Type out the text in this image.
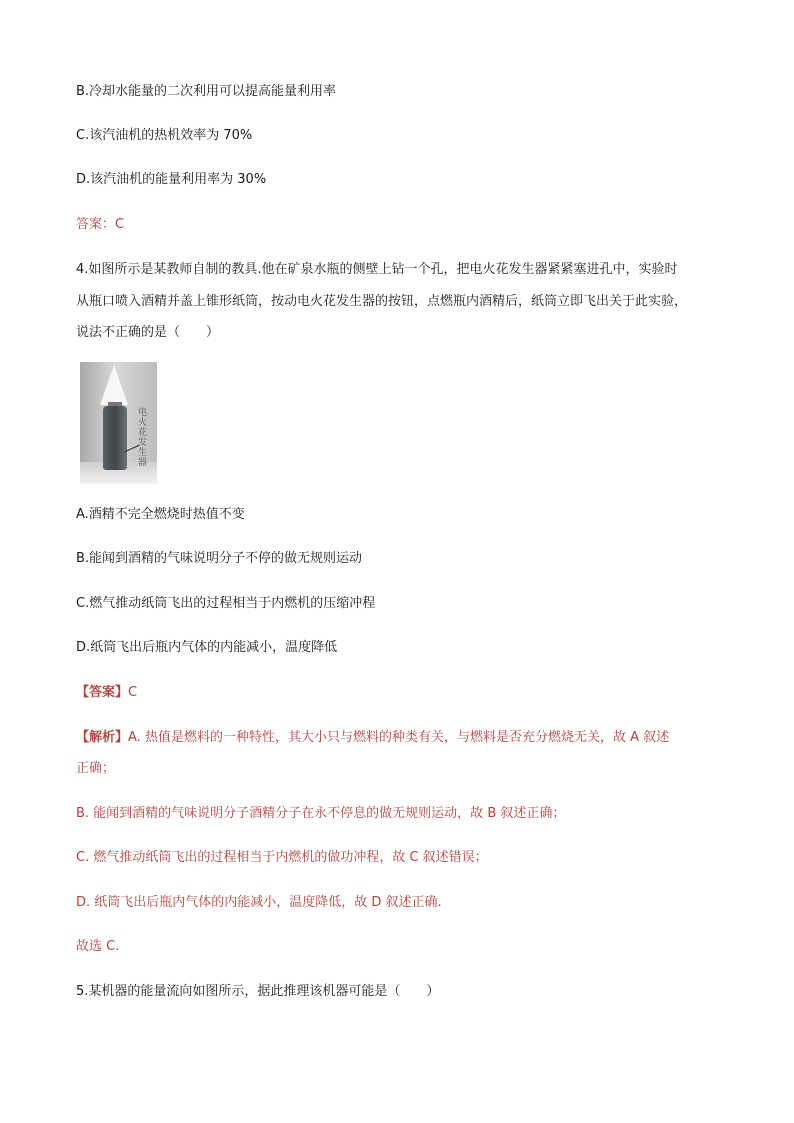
B.冷却水能量的二次利用可以提高能量利用率
C.该汽油机的热机效率为 70%
D.该汽油机的能量利用率为 30%
答案：C
4.如图所示是某教师自制的教具.他在矿泉水瓶的侧壁上钻一个孔，把电火花发生器紧紧塞进孔中，实验时
从瓶口喷入酒精并盖上锥形纸筒，按动电火花发生器的按钮，点燃瓶内酒精后，纸筒立即飞出关于此实验，
说法不正确的是（　　）
电火花发生器
A.酒精不完全燃烧时热值不变
B.能闻到酒精的气味说明分子不停的做无规则运动
C.燃气推动纸筒飞出的过程相当于内燃机的压缩冲程
D.纸筒飞出后瓶内气体的内能减小，温度降低
【答案】C
【解析】A. 热值是燃料的一种特性，其大小只与燃料的种类有关，与燃料是否充分燃烧无关，故 A 叙述
正确；
B. 能闻到酒精的气味说明分子酒精分子在永不停息的做无规则运动，故 B 叙述正确；
C. 燃气推动纸筒飞出的过程相当于内燃机的做功冲程，故 C 叙述错误；
D. 纸筒飞出后瓶内气体的内能减小，温度降低，故 D 叙述正确.
故选 C.
5.某机器的能量流向如图所示，据此推理该机器可能是（　　）
